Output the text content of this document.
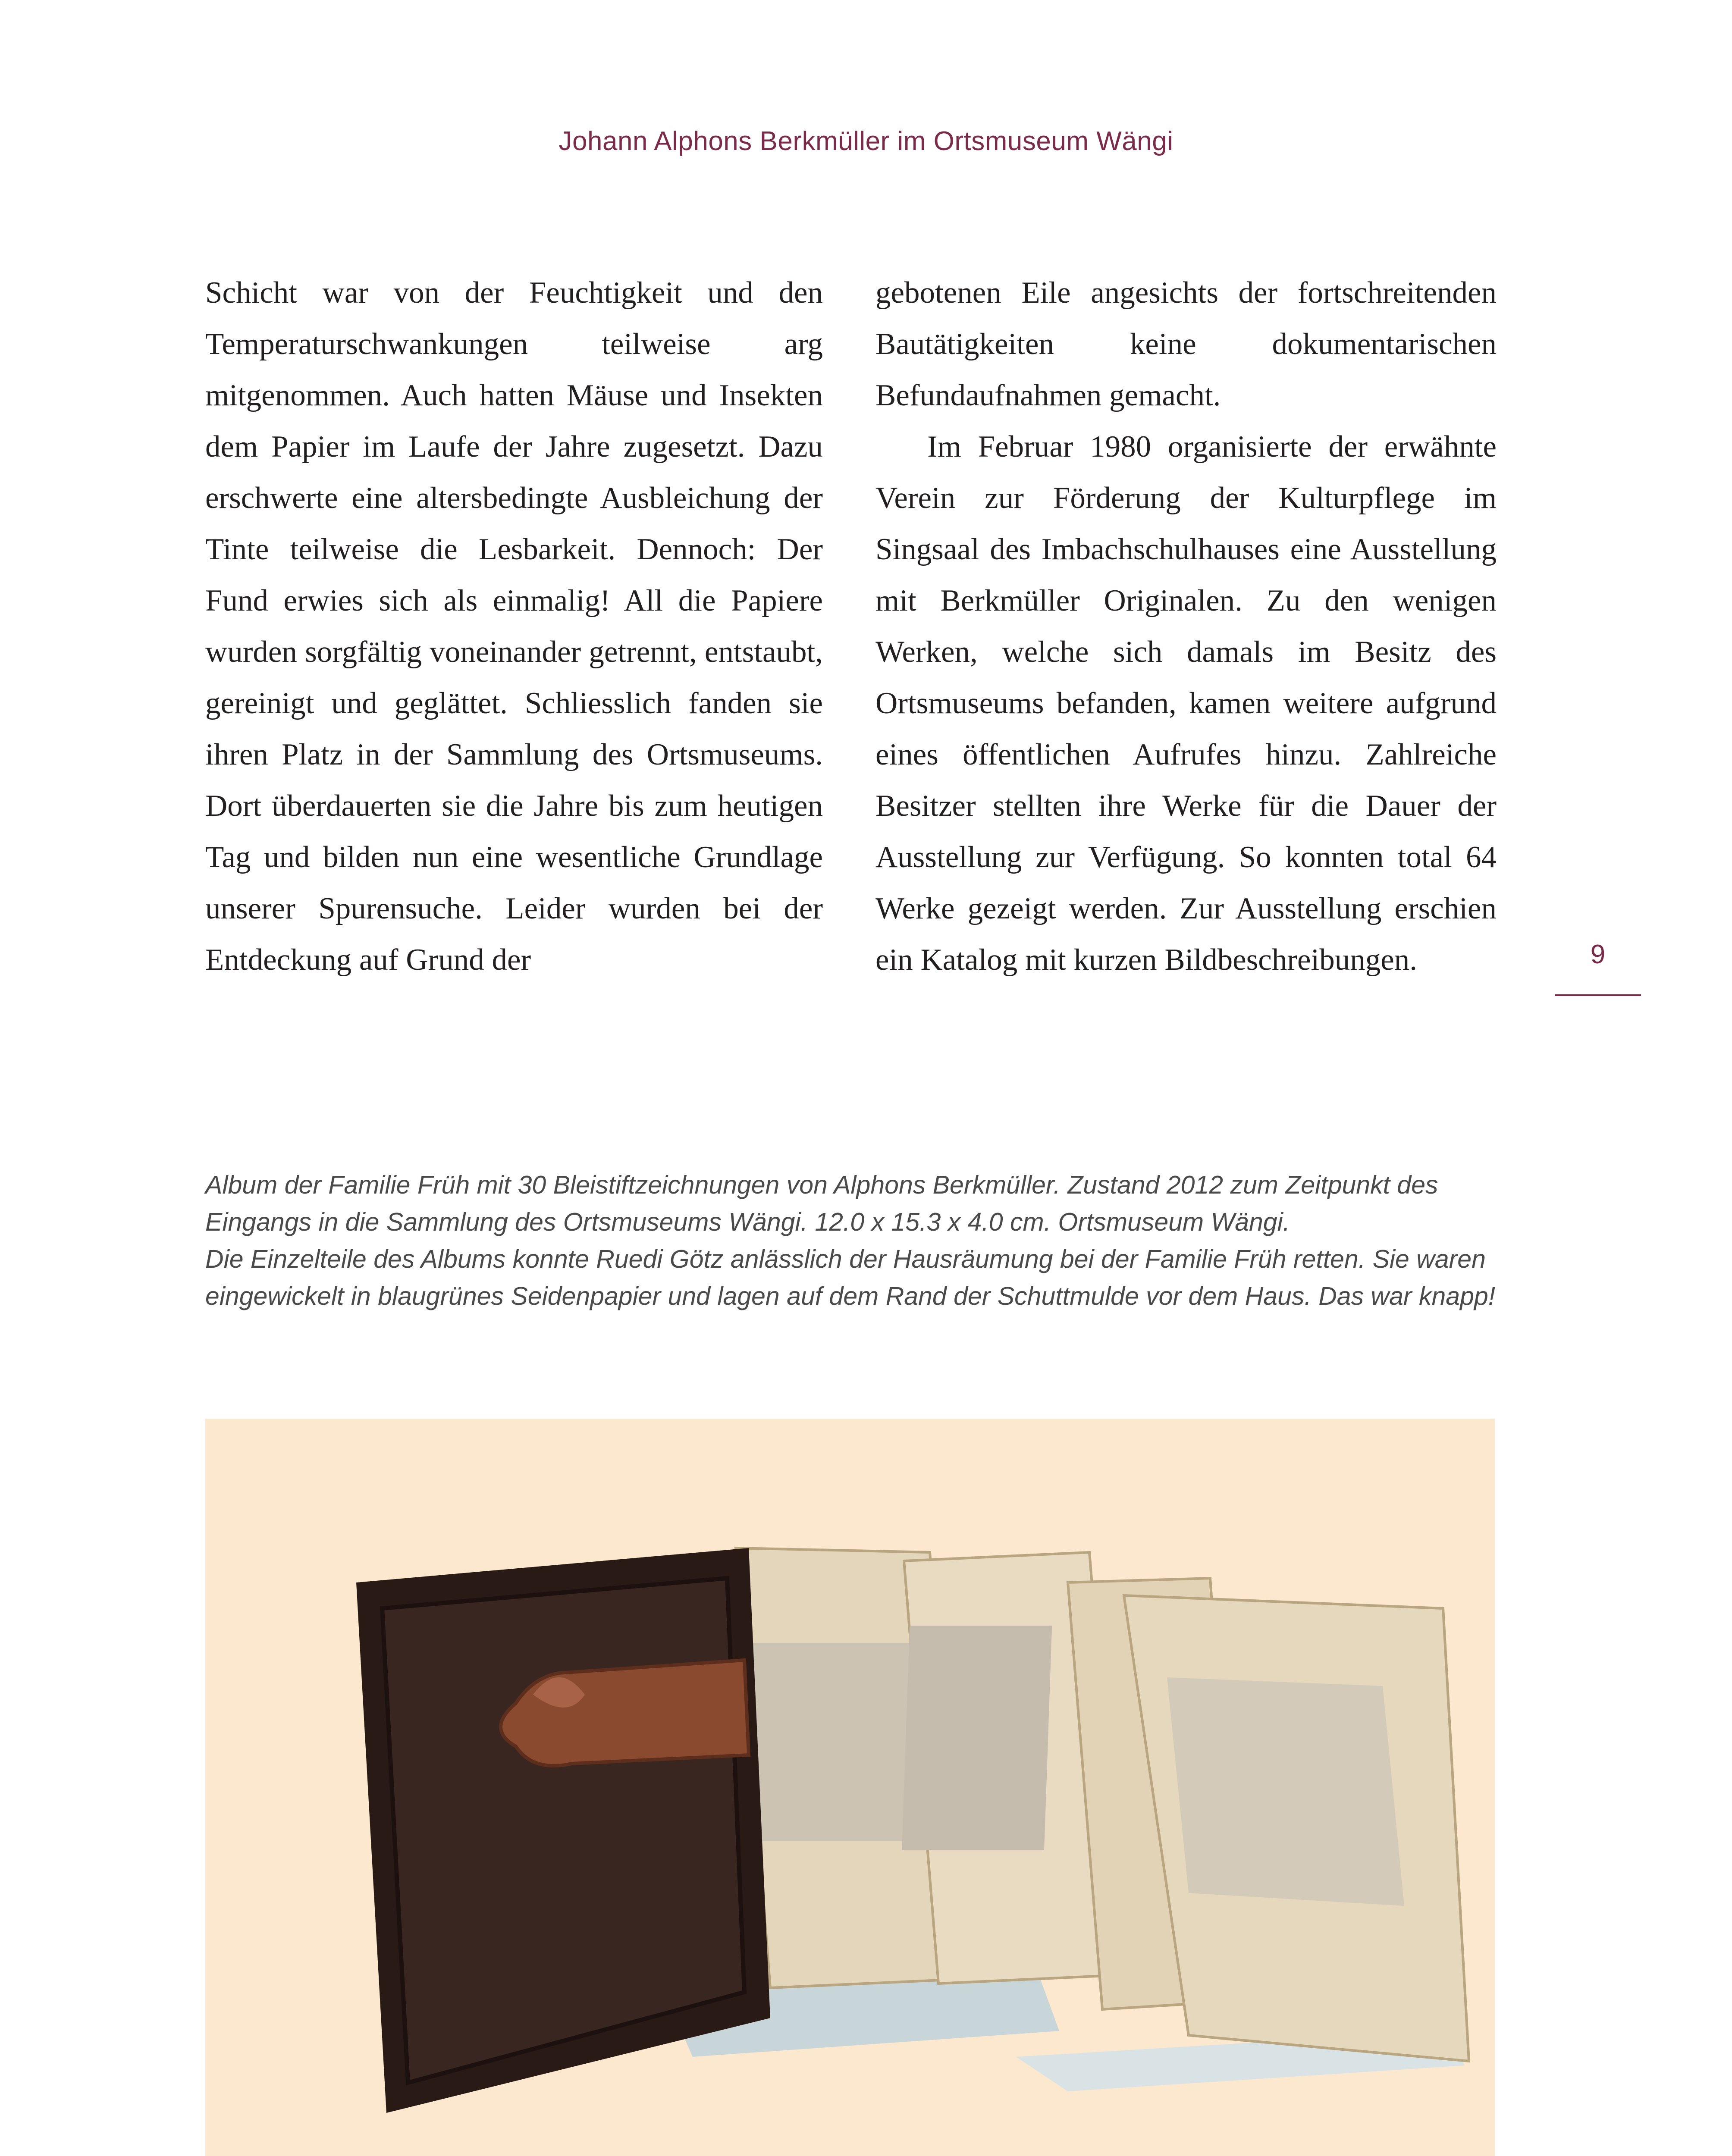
Johann Alphons Berkmüller im Ortsmuseum Wängi

Schicht war von der Feuchtigkeit und den Temperaturschwankungen teilweise arg mitgenommen. Auch hatten Mäuse und Insekten dem Papier im Laufe der Jahre zugesetzt. Dazu erschwerte eine altersbedingte Ausbleichung der Tinte teilweise die Lesbarkeit. Dennoch: Der Fund erwies sich als einmalig! All die Papiere wurden sorgfältig voneinander getrennt, entstaubt, gereinigt und geglättet. Schliesslich fanden sie ihren Platz in der Sammlung des Ortsmuseums. Dort überdauerten sie die Jahre bis zum heutigen Tag und bilden nun eine wesentliche Grundlage unserer Spurensuche. Leider wurden bei der Entdeckung auf Grund der

gebotenen Eile angesichts der fortschreitenden Bautätigkeiten keine dokumentarischen Befundaufnahmen gemacht.

Im Februar 1980 organisierte der erwähnte Verein zur Förderung der Kulturpflege im Singsaal des Imbachschulhauses eine Ausstellung mit Berkmüller Originalen. Zu den wenigen Werken, welche sich damals im Besitz des Ortsmuseums befanden, kamen weitere aufgrund eines öffentlichen Aufrufes hinzu. Zahlreiche Besitzer stellten ihre Werke für die Dauer der Ausstellung zur Verfügung. So konnten total 64 Werke gezeigt werden. Zur Ausstellung erschien ein Katalog mit kurzen Bildbeschreibungen.	9

Album der Familie Früh mit 30 Bleistiftzeichnungen von Alphons Berkmüller. Zustand 2012 zum Zeitpunkt des Eingangs in die Sammlung des Ortsmuseums Wängi. 12.0 x 15.3 x 4.0 cm. Ortsmuseum Wängi.

Die Einzelteile des Albums konnte Ruedi Götz anlässlich der Hausräumung bei der Familie Früh retten. Sie waren eingewickelt in blaugrünes Seidenpapier und lagen auf dem Rand der Schuttmulde vor dem Haus. Das war knapp!
